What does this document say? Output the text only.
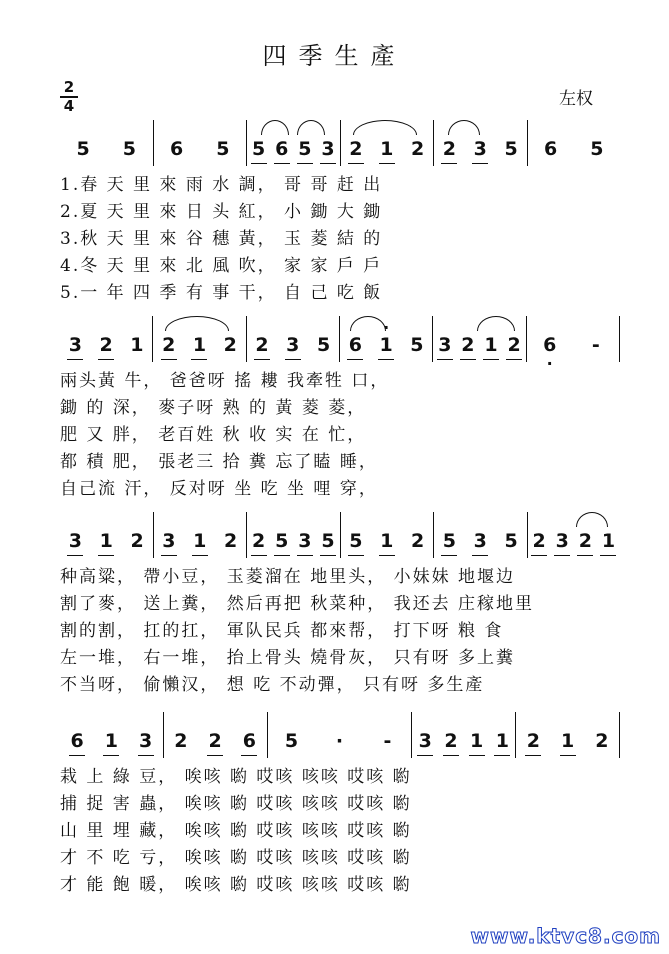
四季生產
左权
2
4
5 5 6 5 5 6 5 3 2 1 2 2 3 5 6 5
1.春 天 里 來 雨 水 調， 哥 哥 赶 出
2.夏 天 里 來 日 头 紅， 小 鋤 大 鋤
3.秋 天 里 來 谷 穗 黃， 玉 菱 結 的
4.冬 天 里 來 北 風 吹， 家 家 戶 戶
5.一 年 四 季 有 事 干， 自 己 吃 飯
3 2 1 2 1 2 2 3 5 6 · 1 5 3 2 1 2 · 6 -
兩头黃 牛， 爸爸呀 搖 耬 我牽牲 口，
鋤 的 深， 麥子呀 熟 的 黃 菱 菱，
肥 又 胖， 老百姓 秋 收 实 在 忙，
都 積 肥， 張老三 拾 糞 忘了瞌 睡，
自己流 汗， 反对呀 坐 吃 坐 哩 穿，
3 1 2 3 1 2 2 5 3 5 5 1 2 5 3 5 2 3 2 1
种高粱， 帶小豆， 玉菱溜在 地里头， 小妹妹 地堰边
割了麥， 送上糞， 然后再把 秋菜种， 我还去 庄稼地里
割的割， 扛的扛， 軍队民兵 都來帮， 打下呀 粮 食
左一堆， 右一堆， 抬上骨头 燒骨灰， 只有呀 多上糞
不当呀， 偷懶汉， 想 吃 不动彈， 只有呀 多生產
6 1 3 2 2 6 5 · - 3 2 1 1 2 1 2
栽 上 綠 豆， 唉咳 喲 哎咳 咳咳 哎咳 喲
捕 捉 害 蟲， 唉咳 喲 哎咳 咳咳 哎咳 喲
山 里 埋 藏， 唉咳 喲 哎咳 咳咳 哎咳 喲
才 不 吃 亏， 唉咳 喲 哎咳 咳咳 哎咳 喲
才 能 飽 暖， 唉咳 喲 哎咳 咳咳 哎咳 喲
www.ktvc8.com
